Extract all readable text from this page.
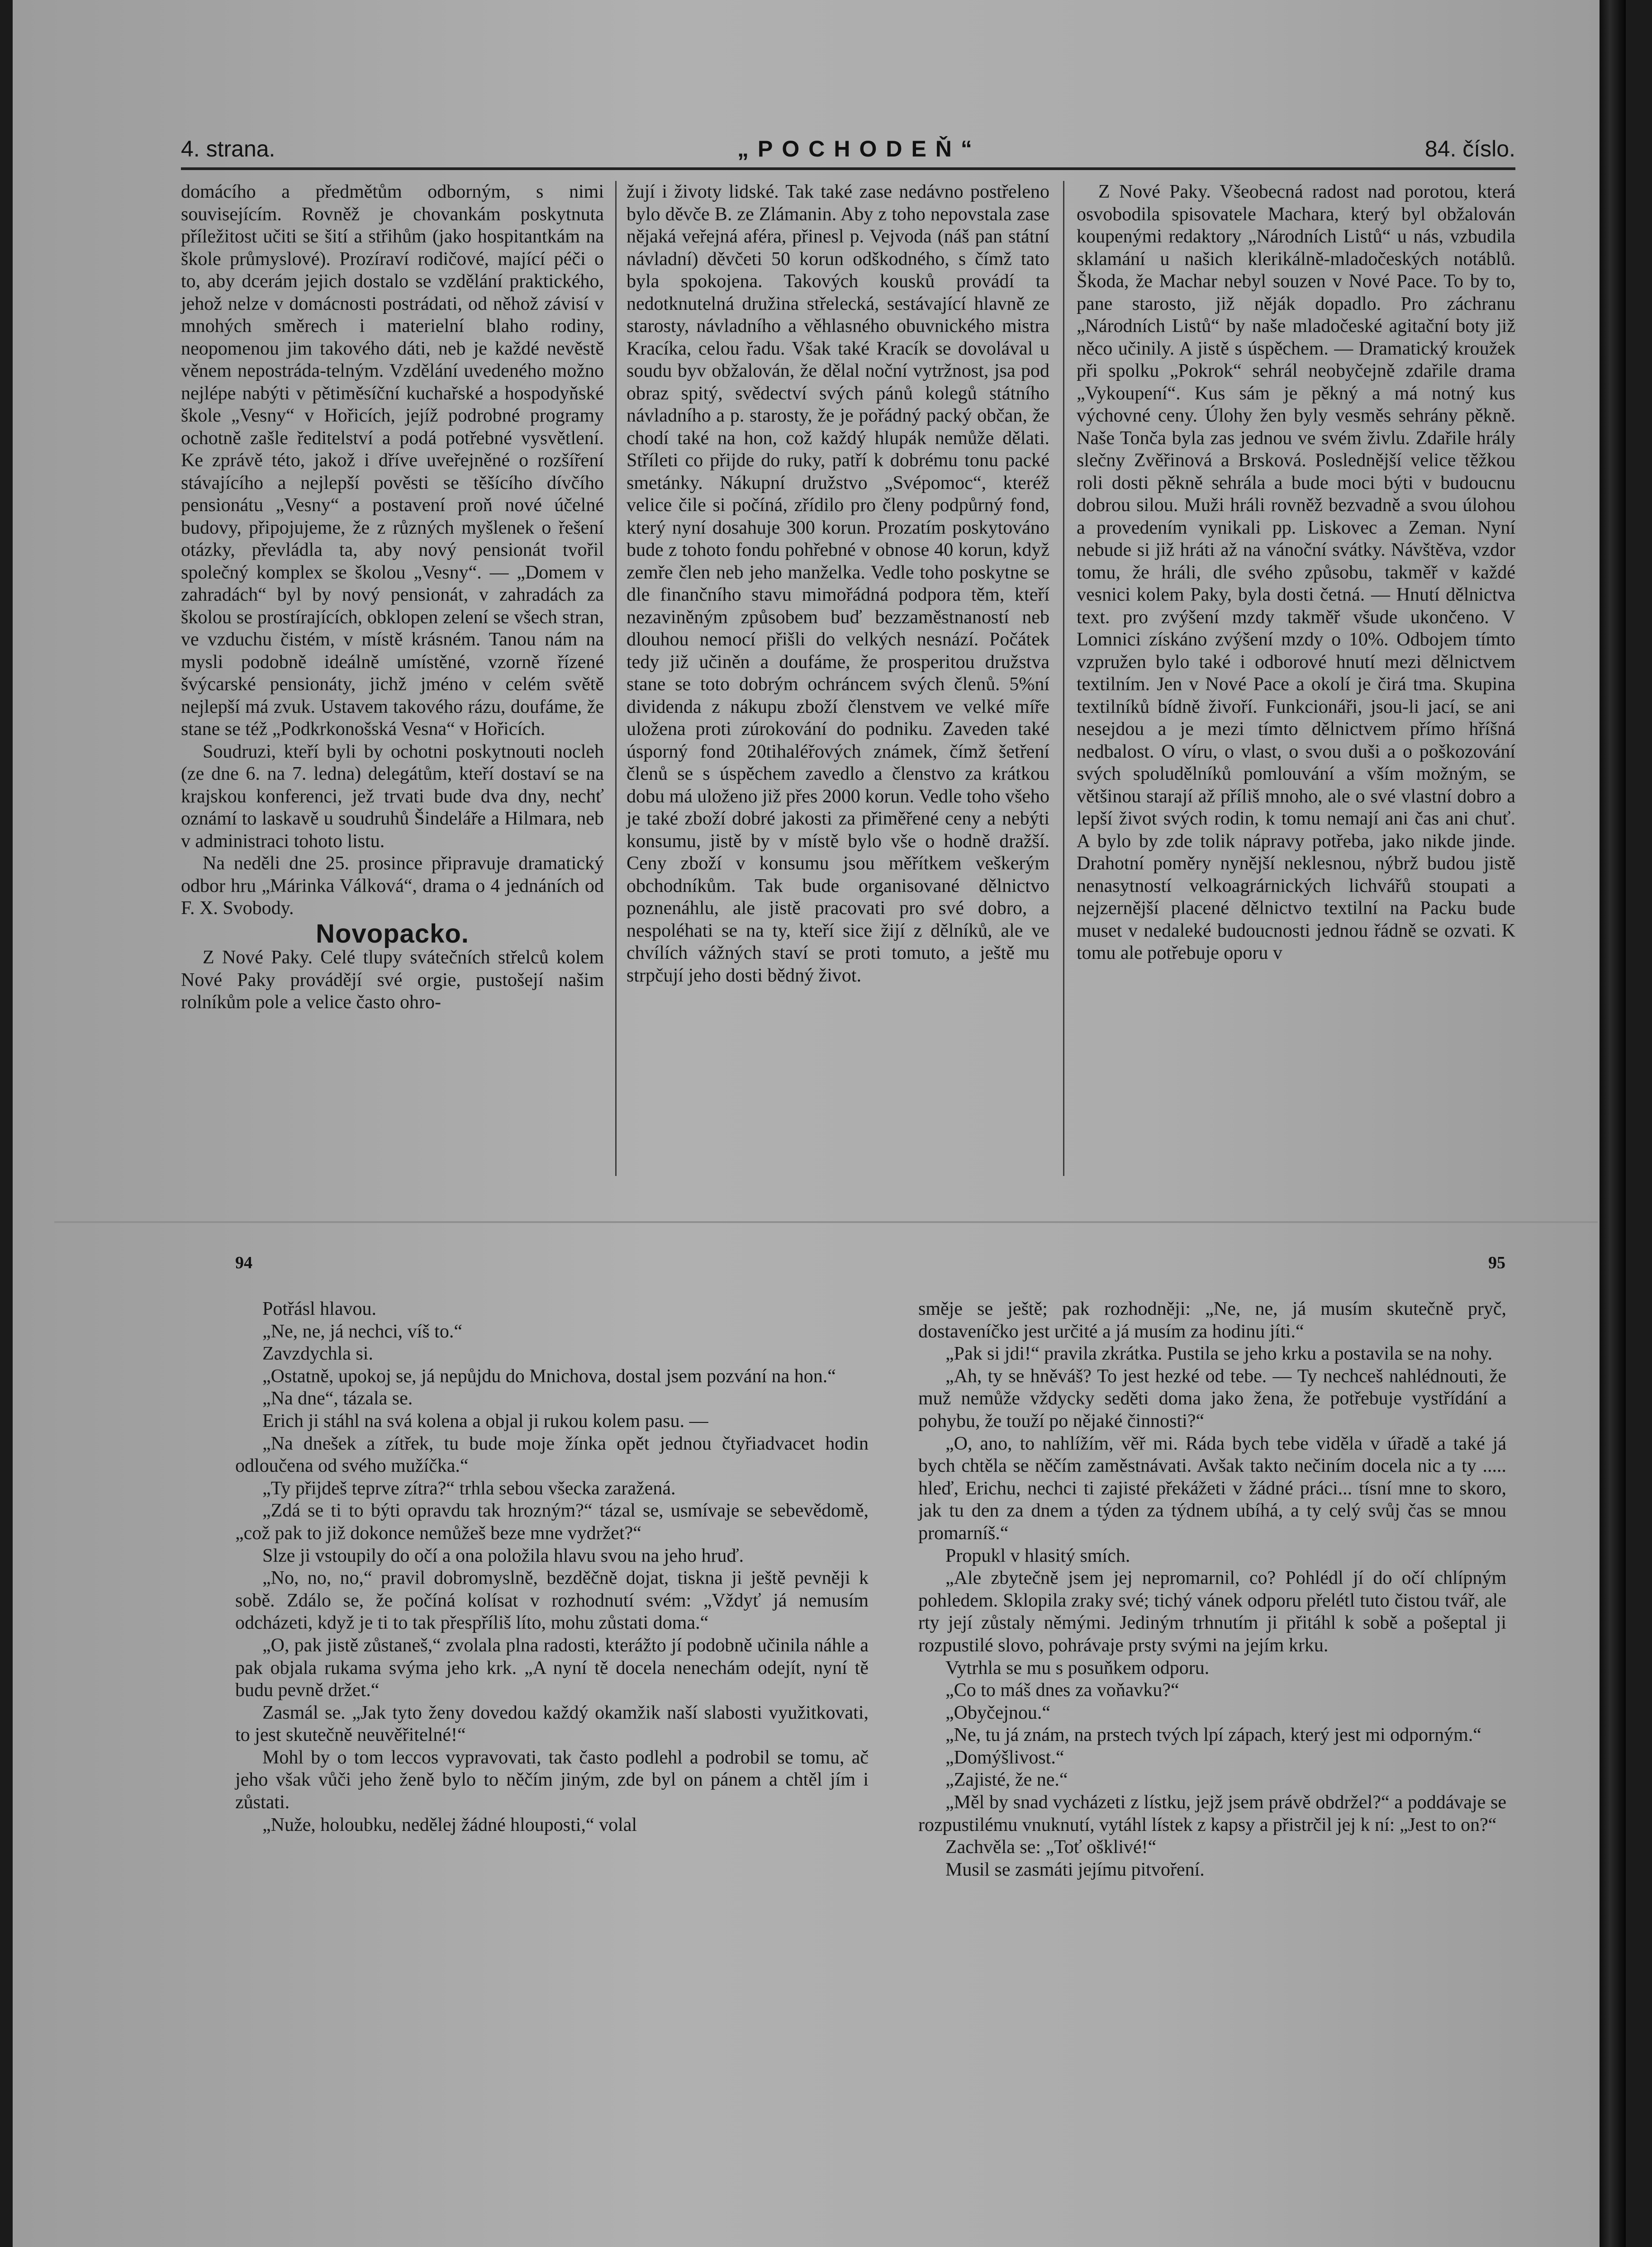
4. strana.	„POCHODEŇ“	84. číslo.

domácího a předmětům odborným, s nimi souvisejícím. Rovněž je chovankám poskytnuta příležitost učiti se šití a střihům (jako hospitantkám na škole průmyslové). Prozíraví rodičové, mající péči o to, aby dcerám jejich dostalo se vzdělání praktického, jehož nelze v domácnosti postrádati, od něhož závisí v mnohých směrech i materielní blaho rodiny, neopomenou jim takového dáti, neb je každé nevěstě věnem nepostráda-telným. Vzdělání uvedeného možno nejlépe nabýti v pětiměsíční kuchařské a hospodyňské škole „Vesny“ v Hořicích, jejíž podrobné programy ochotně zašle ředitelství a podá potřebné vysvětlení. Ke zprávě této, jakož i dříve uveřejněné o rozšíření stávajícího a nejlepší pověsti se těšícího dívčího pensionátu „Vesny“ a postavení proň nové účelné budovy, připojujeme, že z různých myšlenek o řešení otázky, převládla ta, aby nový pensionát tvořil společný komplex se školou „Vesny“. — „Domem v zahradách“ byl by nový pensionát, v zahradách za školou se prostírajících, obklopen zelení se všech stran, ve vzduchu čistém, v místě krásném. Tanou nám na mysli podobně ideálně umístěné, vzorně řízené švýcarské pensionáty, jichž jméno v celém světě nejlepší má zvuk. Ustavem takového rázu, doufáme, že stane se též „Podkrkonošská Vesna“ v Hořicích.

Soudruzi, kteří byli by ochotni poskytnouti nocleh (ze dne 6. na 7. ledna) delegátům, kteří dostaví se na krajskou konferenci, jež trvati bude dva dny, nechť oznámí to laskavě u soudruhů Šindeláře a Hilmara, neb v administraci tohoto listu.

Na neděli dne 25. prosince připravuje dramatický odbor hru „Márinka Válková“, drama o 4 jednáních od F. X. Svobody.

Novopacko.

Z Nové Paky. Celé tlupy svátečních střelců kolem Nové Paky provádějí své orgie, pustošejí našim rolníkům pole a velice často ohro-

žují i životy lidské. Tak také zase nedávno postřeleno bylo děvče B. ze Zlámanin. Aby z toho nepovstala zase nějaká veřejná aféra, přinesl p. Vejvoda (náš pan státní návladní) děvčeti 50 korun odškodného, s čímž tato byla spokojena. Takových kousků provádí ta nedotknutelná družina střelecká, sestávající hlavně ze starosty, návladního a věhlasného obuvnického mistra Kracíka, celou řadu. Však také Kracík se dovolával u soudu byv obžalován, že dělal noční vytržnost, jsa pod obraz spitý, svědectví svých pánů kolegů státního návladního a p. starosty, že je pořádný packý občan, že chodí také na hon, což každý hlupák nemůže dělati. Stříleti co přijde do ruky, patří k dobrému tonu packé smetánky. Nákupní družstvo „Svépomoc“, kteréž velice čile si počíná, zřídilo pro členy podpůrný fond, který nyní dosahuje 300 korun. Prozatím poskytováno bude z tohoto fondu pohřebné v obnose 40 korun, když zemře člen neb jeho manželka. Vedle toho poskytne se dle finančního stavu mimořádná podpora těm, kteří nezaviněným způsobem buď bezzaměstnaností neb dlouhou nemocí přišli do velkých nesnází. Počátek tedy již učiněn a doufáme, že prosperitou družstva stane se toto dobrým ochráncem svých členů. 5%ní dividenda z nákupu zboží členstvem ve velké míře uložena proti zúrokování do podniku. Zaveden také úsporný fond 20tihaléřových známek, čímž šetření členů se s úspěchem zavedlo a členstvo za krátkou dobu má uloženo již přes 2000 korun. Vedle toho všeho je také zboží dobré jakosti za přiměřené ceny a nebýti konsumu, jistě by v místě bylo vše o hodně dražší. Ceny zboží v konsumu jsou měřítkem veškerým obchodníkům. Tak bude organisované dělnictvo poznenáhlu, ale jistě pracovati pro své dobro, a nespoléhati se na ty, kteří sice žijí z dělníků, ale ve chvílích vážných staví se proti tomuto, a ještě mu strpčují jeho dosti bědný život.

Z Nové Paky. Všeobecná radost nad porotou, která osvobodila spisovatele Machara, který byl obžalován koupenými redaktory „Národních Listů“ u nás, vzbudila sklamání u našich klerikálně-mladočeských notáblů. Škoda, že Machar nebyl souzen v Nové Pace. To by to, pane starosto, již něják dopadlo. Pro záchranu „Národních Listů“ by naše mladočeské agitační boty již něco učinily. A jistě s úspěchem. — Dramatický kroužek při spolku „Pokrok“ sehrál neobyčejně zdařile drama „Vykoupení“. Kus sám je pěkný a má notný kus výchovné ceny. Úlohy žen byly vesměs sehrány pěkně. Naše Tonča byla zas jednou ve svém živlu. Zdařile hrály slečny Zvěřinová a Brsková. Poslednější velice těžkou roli dosti pěkně sehrála a bude moci býti v budoucnu dobrou silou. Muži hráli rovněž bezvadně a svou úlohou a provedením vynikali pp. Liskovec a Zeman. Nyní nebude si již hráti až na vánoční svátky. Návštěva, vzdor tomu, že hráli, dle svého způsobu, takměř v každé vesnici kolem Paky, byla dosti četná. — Hnutí dělnictva text. pro zvýšení mzdy takměř všude ukončeno. V Lomnici získáno zvýšení mzdy o 10%. Odbojem tímto vzpružen bylo také i odborové hnutí mezi dělnictvem textilním. Jen v Nové Pace a okolí je čirá tma. Skupina textilníků bídně živoří. Funkcionáři, jsou-li jací, se ani nesejdou a je mezi tímto dělnictvem přímo hříšná nedbalost. O víru, o vlast, o svou duši a o poškozování svých spoludělníků pomlouvání a vším možným, se většinou starají až příliš mnoho, ale o své vlastní dobro a lepší život svých rodin, k tomu nemají ani čas ani chuť. A bylo by zde tolik nápravy potřeba, jako nikde jinde. Drahotní poměry nynější neklesnou, nýbrž budou jistě nenasytností velkoagrárnických lichvářů stoupati a nejzernější placené dělnictvo textilní na Packu bude muset v nedaleké budoucnosti jednou řádně se ozvati. K tomu ale potřebuje oporu v

94	95

Potřásl hlavou.

„Ne, ne, já nechci, víš to.“

Zavzdychla si.

„Ostatně, upokoj se, já nepůjdu do Mnichova, dostal jsem pozvání na hon.“

„Na dne“, tázala se.

Erich ji stáhl na svá kolena a objal ji rukou kolem pasu. —

„Na dnešek a zítřek, tu bude moje žínka opět jednou čtyřiadvacet hodin odloučena od svého mužíčka.“

„Ty přijdeš teprve zítra?“ trhla sebou všecka zaražená.

„Zdá se ti to býti opravdu tak hrozným?“ tázal se, usmívaje se sebevědomě, „což pak to již dokonce nemůžeš beze mne vydržet?“

Slze ji vstoupily do očí a ona položila hlavu svou na jeho hruď.

„No, no, no,“ pravil dobromyslně, bezděčně dojat, tiskna ji ještě pevněji k sobě. Zdálo se, že počíná kolísat v rozhodnutí svém: „Vždyť já nemusím odcházeti, když je ti to tak přespříliš líto, mohu zůstati doma.“

„O, pak jistě zůstaneš,“ zvolala plna radosti, kterážto jí podobně učinila náhle a pak objala rukama svýma jeho krk. „A nyní tě docela nenechám odejít, nyní tě budu pevně držet.“

Zasmál se. „Jak tyto ženy dovedou každý okamžik naší slabosti využitkovati, to jest skutečně neuvěřitelné!“

Mohl by o tom leccos vypravovati, tak často podlehl a podrobil se tomu, ač jeho však vůči jeho ženě bylo to něčím jiným, zde byl on pánem a chtěl jím i zůstati.

„Nuže, holoubku, nedělej žádné hlouposti,“ volal

směje se ještě; pak rozhodněji: „Ne, ne, já musím skutečně pryč, dostaveníčko jest určité a já musím za hodinu jíti.“

„Pak si jdi!“ pravila zkrátka. Pustila se jeho krku a postavila se na nohy.

„Ah, ty se hněváš? To jest hezké od tebe. — Ty nechceš nahlédnouti, že muž nemůže vždycky seděti doma jako žena, že potřebuje vystřídání a pohybu, že touží po nějaké činnosti?“

„O, ano, to nahlížím, věř mi. Ráda bych tebe viděla v úřadě a také já bych chtěla se něčím zaměstnávati. Avšak takto nečiním docela nic a ty ..... hleď, Erichu, nechci ti zajisté překážeti v žádné práci... tísní mne to skoro, jak tu den za dnem a týden za týdnem ubíhá, a ty celý svůj čas se mnou promarníš.“

Propukl v hlasitý smích.

„Ale zbytečně jsem jej nepromarnil, co? Pohlédl jí do očí chlípným pohledem. Sklopila zraky své; tichý vánek odporu přelétl tuto čistou tvář, ale rty její zůstaly němými. Jediným trhnutím ji přitáhl k sobě a pošeptal ji rozpustilé slovo, pohrávaje prsty svými na jejím krku.

Vytrhla se mu s posuňkem odporu.

„Co to máš dnes za voňavku?“

„Obyčejnou.“

„Ne, tu já znám, na prstech tvých lpí zápach, který jest mi odporným.“

„Domýšlivost.“

„Zajisté, že ne.“

„Měl by snad vycházeti z lístku, jejž jsem právě obdržel?“ a poddávaje se rozpustilému vnuknutí, vytáhl lístek z kapsy a přistrčil jej k ní: „Jest to on?“

Zachvěla se: „Toť ošklivé!“

Musil se zasmáti jejímu pitvoření.
